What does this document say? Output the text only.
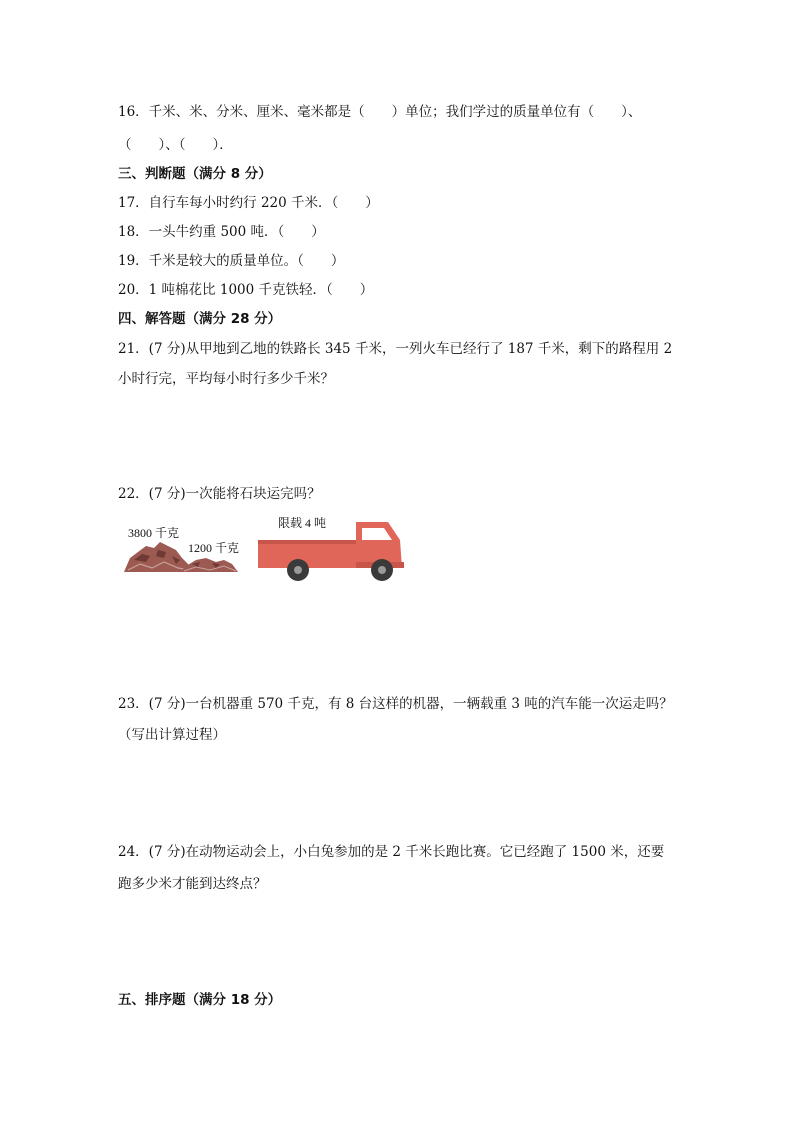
16．千米、米、分米、厘米、毫米都是（　　）单位；我们学过的质量单位有（　　）、
（　　）、（　　）．
三、判断题（满分 8 分）
17．自行车每小时约行 220 千米．（　　）
18．一头牛约重 500 吨．（　　）
19．千米是较大的质量单位。（　　）
20．1 吨棉花比 1000 千克铁轻．（　　）
四、解答题（满分 28 分）
21．(7 分)从甲地到乙地的铁路长 345 千米，一列火车已经行了 187 千米，剩下的路程用 2
小时行完，平均每小时行多少千米？
22．(7 分)一次能将石块运完吗？
3800 千克
1200 千克
限载 4 吨
23．(7 分)一台机器重 570 千克，有 8 台这样的机器，一辆载重 3 吨的汽车能一次运走吗？
（写出计算过程）
24．(7 分)在动物运动会上，小白兔参加的是 2 千米长跑比赛。它已经跑了 1500 米，还要
跑多少米才能到达终点？
五、排序题（满分 18 分）
